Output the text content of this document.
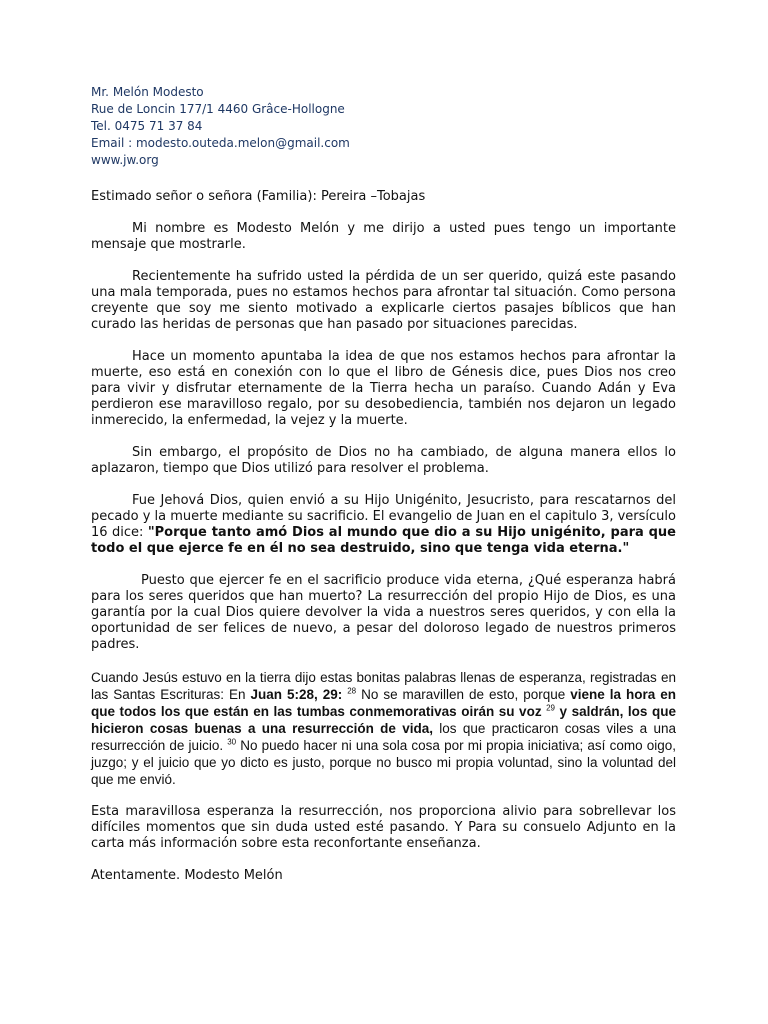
Mr. Melón Modesto
Rue de Loncin 177/1 4460 Grâce-Hollogne
Tel. 0475 71 37 84
Email : modesto.outeda.melon@gmail.com
www.jw.org

Estimado señor o señora (Familia): Pereira –Tobajas

Mi nombre es Modesto Melón y me dirijo a usted pues tengo un importante mensaje que mostrarle.

Recientemente ha sufrido usted la pérdida de un ser querido, quizá este pasando una mala temporada, pues no estamos hechos para afrontar tal situación. Como persona creyente que soy me siento motivado a explicarle ciertos pasajes bíblicos que han curado las heridas de personas que han pasado por situaciones parecidas.

Hace un momento apuntaba la idea de que nos estamos hechos para afrontar la muerte, eso está en conexión con lo que el libro de Génesis dice, pues Dios nos creo para vivir y disfrutar eternamente de la Tierra hecha un paraíso. Cuando Adán y Eva perdieron ese maravilloso regalo, por su desobediencia, también nos dejaron un legado inmerecido, la enfermedad, la vejez y la muerte.

Sin embargo, el propósito de Dios no ha cambiado, de alguna manera ellos lo aplazaron, tiempo que Dios utilizó para resolver el problema.

Fue Jehová Dios, quien envió a su Hijo Unigénito, Jesucristo, para rescatarnos del pecado y la muerte mediante su sacrificio. El evangelio de Juan en el capitulo 3, versículo 16 dice: "Porque tanto amó Dios al mundo que dio a su Hijo unigénito, para que todo el que ejerce fe en él no sea destruido, sino que tenga vida eterna."

Puesto que ejercer fe en el sacrificio produce vida eterna, ¿Qué esperanza habrá para los seres queridos que han muerto? La resurrección del propio Hijo de Dios, es una garantía por la cual Dios quiere devolver la vida a nuestros seres queridos, y con ella la oportunidad de ser felices de nuevo, a pesar del doloroso legado de nuestros primeros padres.

Cuando Jesús estuvo en la tierra dijo estas bonitas palabras llenas de esperanza, registradas en las Santas Escrituras: En Juan 5:28, 29: $^{28}$ No se maravillen de esto, porque viene la hora en que todos los que están en las tumbas conmemorativas oirán su voz $^{29}$ y saldrán, los que hicieron cosas buenas a una resurrección de vida, los que practicaron cosas viles a una resurrección de juicio. $^{30}$ No puedo hacer ni una sola cosa por mi propia iniciativa; así como oigo, juzgo; y el juicio que yo dicto es justo, porque no busco mi propia voluntad, sino la voluntad del que me envió.

Esta maravillosa esperanza la resurrección, nos proporciona alivio para sobrellevar los difíciles momentos que sin duda usted esté pasando. Y Para su consuelo Adjunto en la carta más información sobre esta reconfortante enseñanza.

Atentamente. Modesto Melón
